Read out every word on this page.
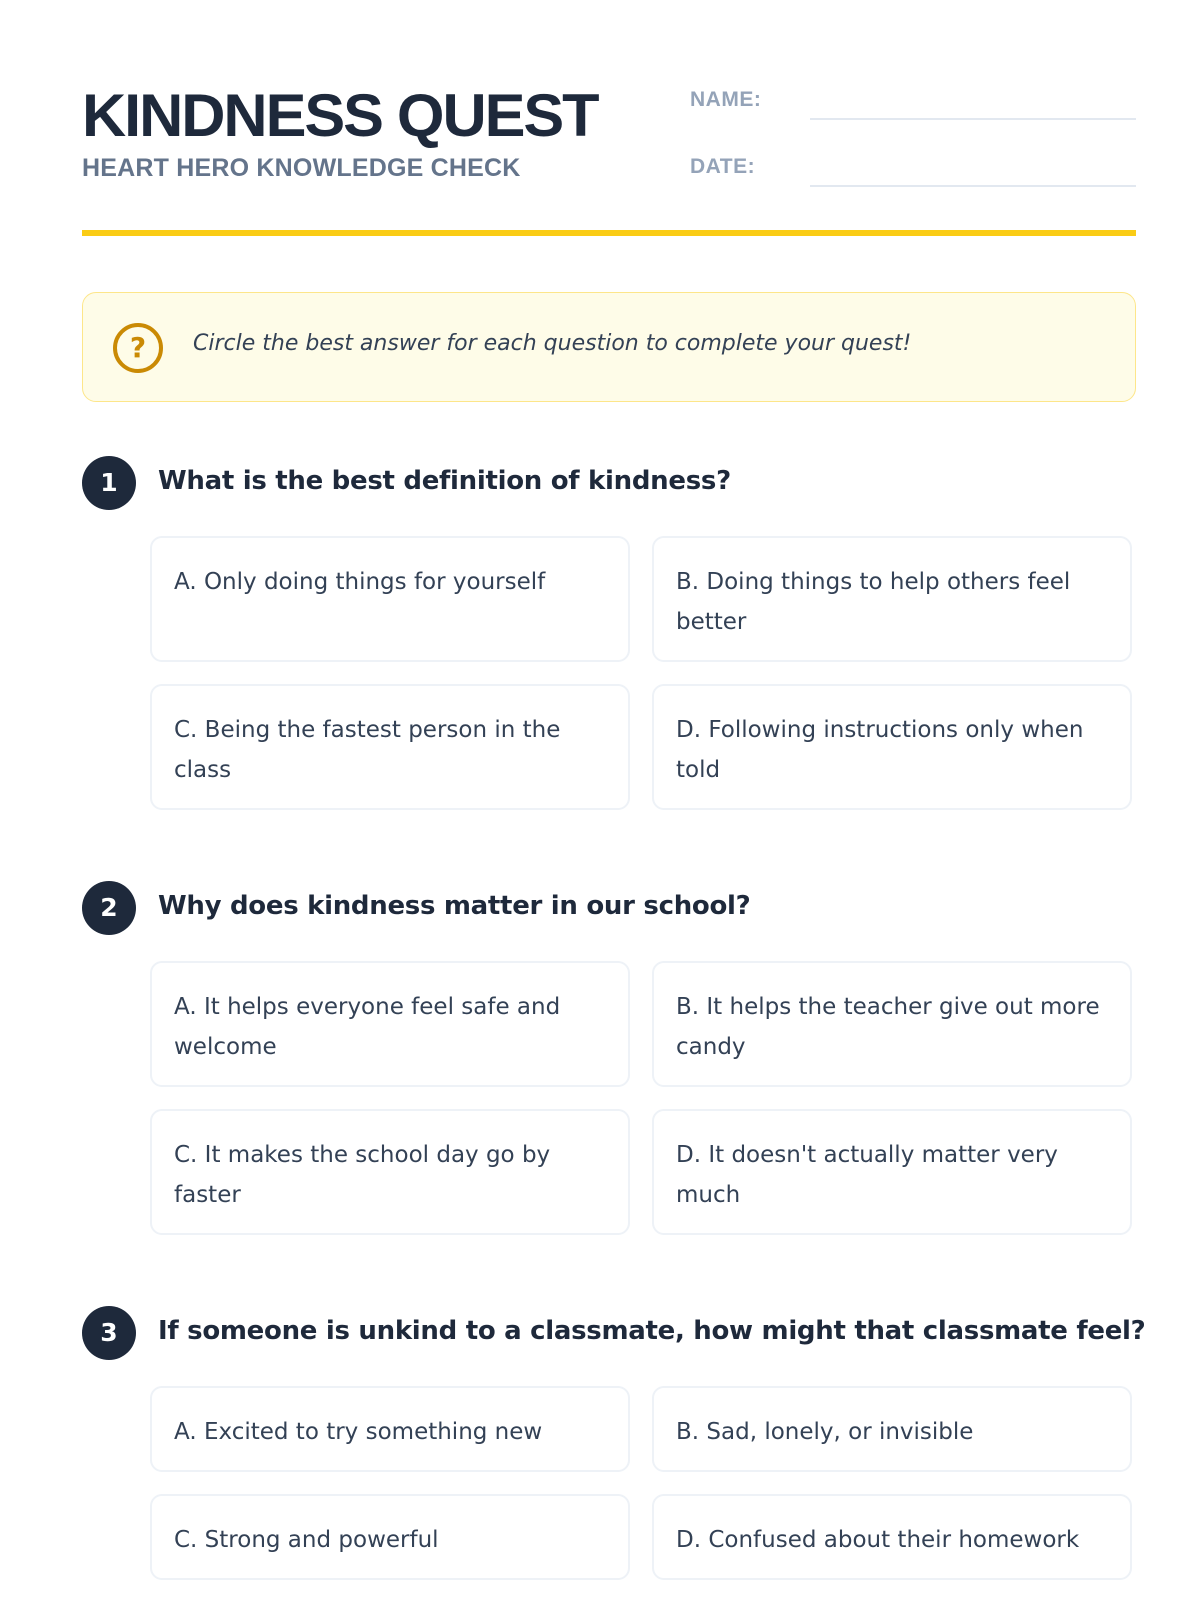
KINDNESS QUEST
HEART HERO KNOWLEDGE CHECK
NAME:
DATE:
?	Circle the best answer for each question to complete your quest!
1	What is the best definition of kindness?
A. Only doing things for yourself	B. Doing things to help others feel better
C. Being the fastest person in the class
D. Following instructions only when told
2	Why does kindness matter in our school?
A. It helps everyone feel safe and welcome
B. It helps the teacher give out more candy
C. It makes the school day go by faster
D. It doesn't actually matter very much
3	If someone is unkind to a classmate, how might that classmate feel?
A. Excited to try something new	B. Sad, lonely, or invisible
C. Strong and powerful	D. Confused about their homework
